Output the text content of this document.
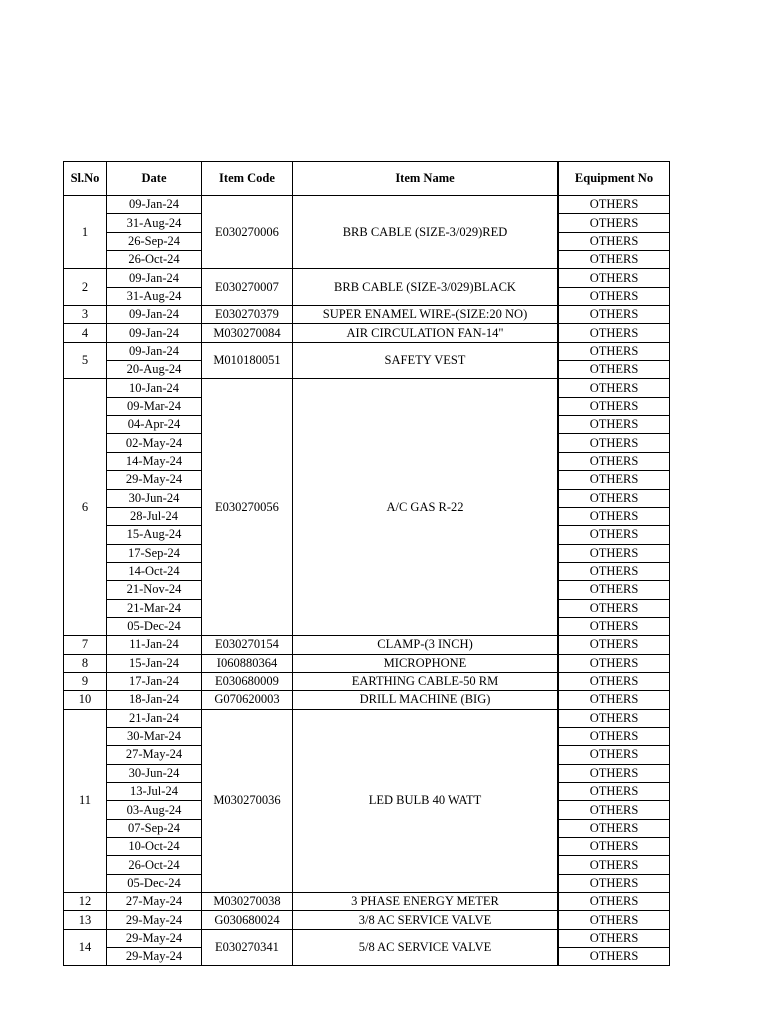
Sl.No	Date	Item Code	Item Name		Equipment No
1	09-Jan-24	E030270006	BRB CABLE (SIZE-3/029)RED		OTHERS
	31-Aug-24			OTHERS
	26-Sep-24			OTHERS
	26-Oct-24			OTHERS
2	09-Jan-24	E030270007	BRB CABLE (SIZE-3/029)BLACK		OTHERS
	31-Aug-24			OTHERS
3	09-Jan-24	E030270379	SUPER ENAMEL WIRE-(SIZE:20 NO)		OTHERS
4	09-Jan-24	M030270084	AIR CIRCULATION FAN-14"		OTHERS
5	09-Jan-24	M010180051	SAFETY VEST		OTHERS
	20-Aug-24			OTHERS
6	10-Jan-24	E030270056	A/C GAS R-22		OTHERS
	09-Mar-24			OTHERS
	04-Apr-24			OTHERS
	02-May-24			OTHERS
	14-May-24			OTHERS
	29-May-24			OTHERS
	30-Jun-24			OTHERS
	28-Jul-24			OTHERS
	15-Aug-24			OTHERS
	17-Sep-24			OTHERS
	14-Oct-24			OTHERS
	21-Nov-24			OTHERS
	21-Mar-24			OTHERS
	05-Dec-24			OTHERS
7	11-Jan-24	E030270154	CLAMP-(3 INCH)		OTHERS
8	15-Jan-24	I060880364	MICROPHONE		OTHERS
9	17-Jan-24	E030680009	EARTHING CABLE-50 RM		OTHERS
10	18-Jan-24	G070620003	DRILL MACHINE (BIG)		OTHERS
11	21-Jan-24	M030270036	LED BULB 40 WATT		OTHERS
	30-Mar-24			OTHERS
	27-May-24			OTHERS
	30-Jun-24			OTHERS
	13-Jul-24			OTHERS
	03-Aug-24			OTHERS
	07-Sep-24			OTHERS
	10-Oct-24			OTHERS
	26-Oct-24			OTHERS
	05-Dec-24			OTHERS
12	27-May-24	M030270038	3 PHASE ENERGY METER		OTHERS
13	29-May-24	G030680024	3/8 AC SERVICE VALVE		OTHERS
14	29-May-24	E030270341	5/8 AC SERVICE VALVE		OTHERS
	29-May-24			OTHERS
